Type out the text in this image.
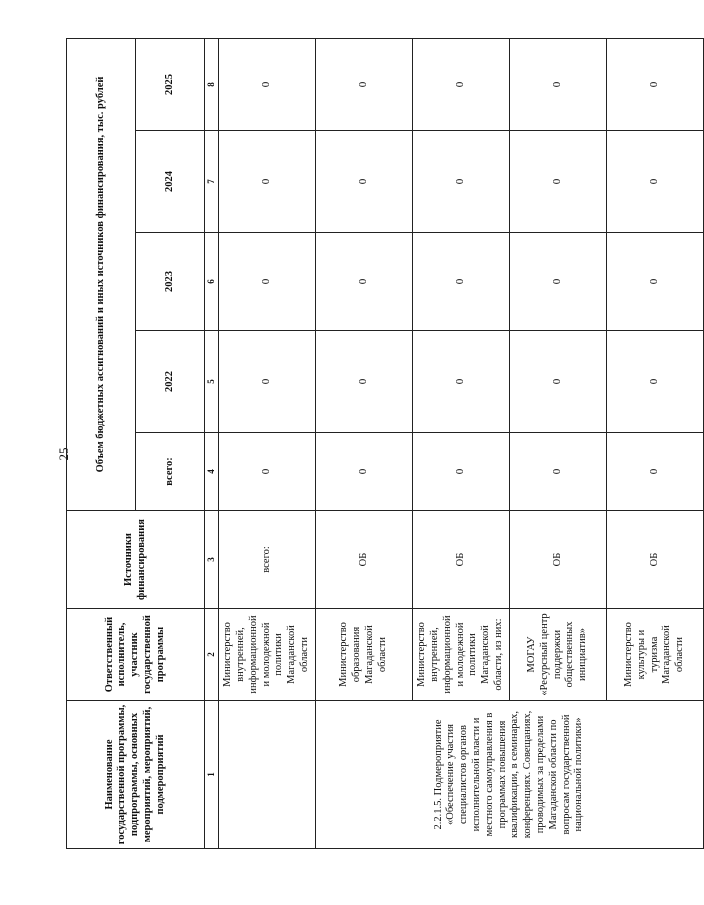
25
Наименование государственной программы, подпрограммы, основных мероприятий, мероприятий, подмероприятий	Ответственный исполнитель, участник государственной программы	Источники финансирования	Объем бюджетных ассигнований и иных источников финансирования, тыс. рублей				
			всего:	2022	2023	2024	2025
1	2	3	4	5	6	7	8
	Министерство внутренней, информационной и молодежной политики Магаданской области	всего:	0	0	0	0	0
2.2.1.5. Подмероприятие «Обеспечение участия специалистов органов исполнительной власти и местного самоуправления в программах повышения квалификации, в семинарах, конференциях. Совещаниях, проводимых за пределами Магаданской области по вопросам государственной национальной политики»	Министерство образования Магаданской области	ОБ	0	0	0	0	0
	Министерство внутренней, информационной и молодежной политики Магаданской области, из них:	ОБ	0	0	0	0	0
	МОГАУ «Ресурсный центр поддержки общественных инициатив»	ОБ	0	0	0	0	0
	Министерство культуры и туризма Магаданской области	ОБ	0	0	0	0	0
